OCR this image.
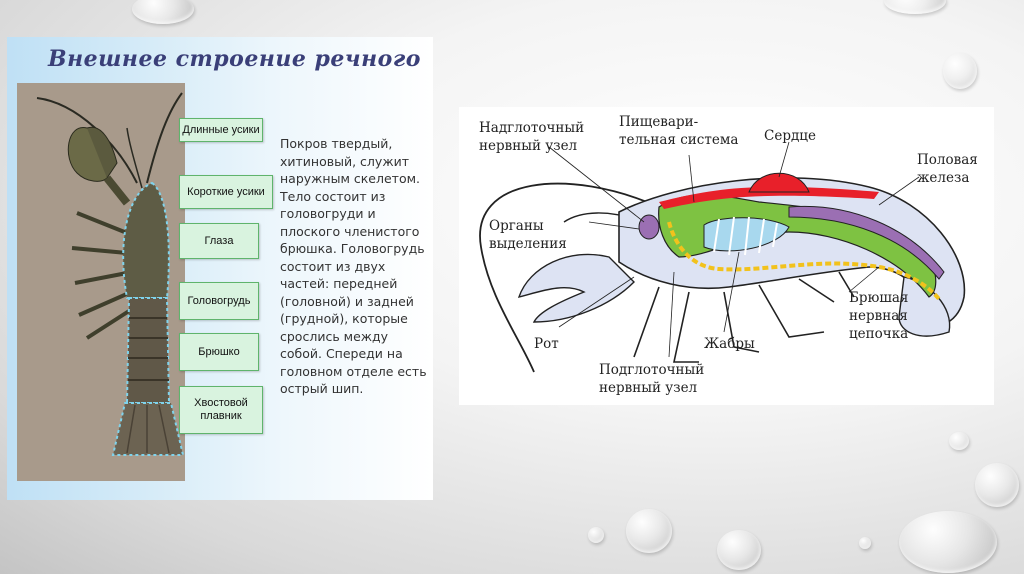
Внешнее строение речного
Длинные усики
Короткие усики
Глаза
Головогрудь
Брюшко
Хвостовой плавник
Покров твердый, хитиновый, служит наружным скелетом. Тело состоит из головогруди и плоского членистого брюшка. Головогрудь состоит из двух частей: передней (головной) и задней (грудной), которые срослись между собой. Спереди на головном отделе есть острый шип.
Надглоточный нервный узел
Пищевари-тельная система Сердце
Половая железа
Органы выделения
Рот	Жабры
Подглоточный нервный узел
Брюшая нервная цепочка
